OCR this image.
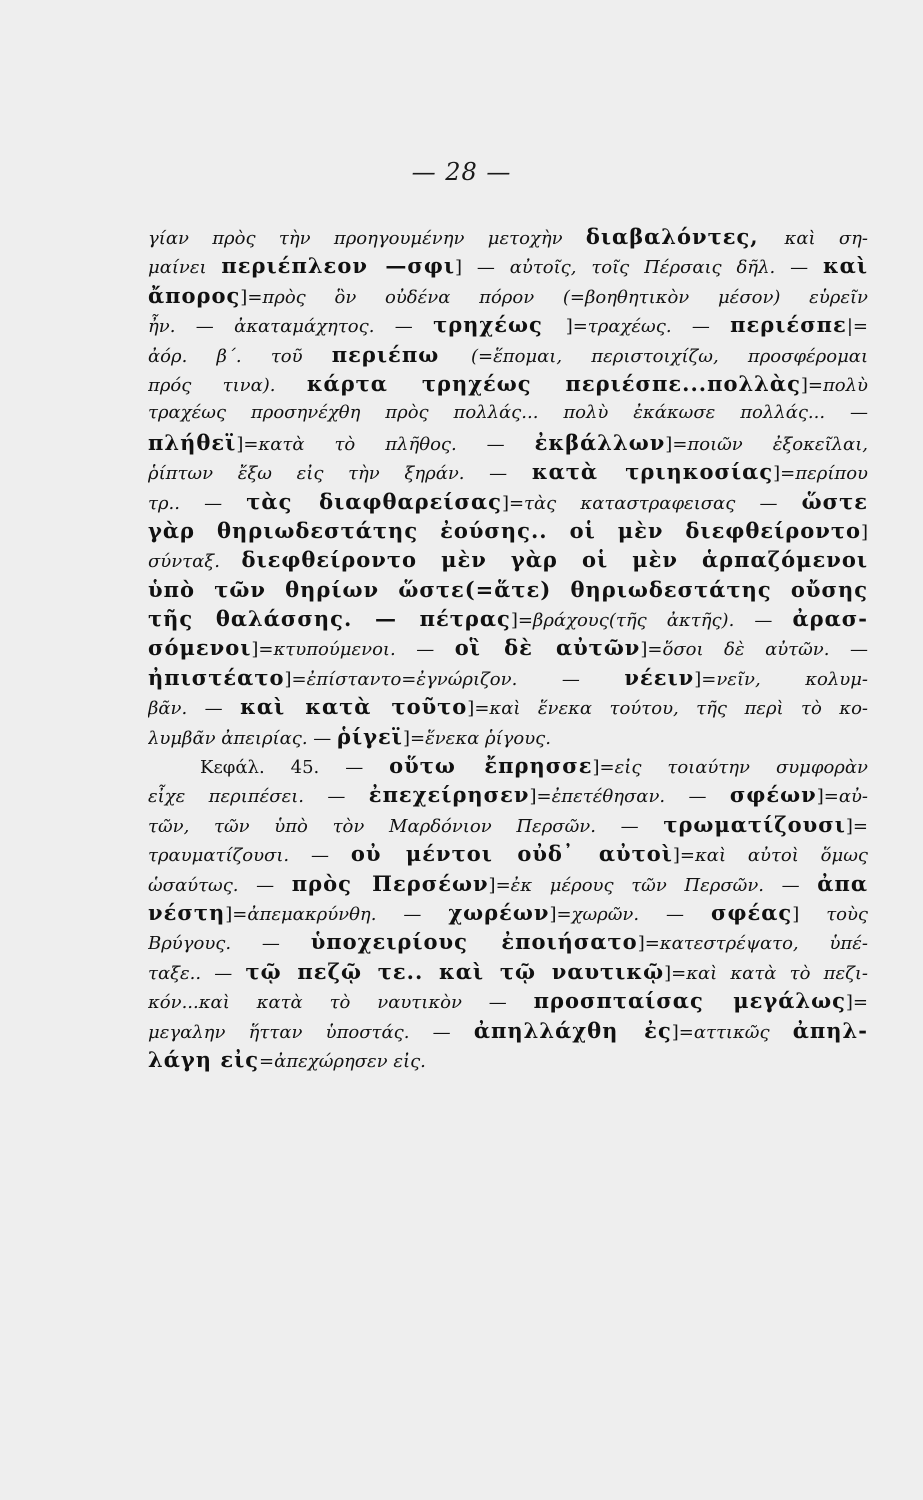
— 28 —
γίαν πρὸς τὴν προηγουμένην μετοχὴν διαβαλόντες, καὶ ση-
μαίνει περιέπλεον —σφι] — αὐτοῖς, τοῖς Πέρσαις δῆλ. — καὶ
ἄπορος]=πρὸς ὃν οὐδένα πόρον (=βοηθητικὸν μέσον) εὑρεῖν
ἦν. — ἀκαταμάχητος. — τρηχέως ]=τραχέως. — περιέσπε|=
ἀόρ. β΄. τοῦ περιέπω (=ἕπομαι, περιστοιχίζω, προσφέρομαι
πρός τινα). κάρτα τρηχέως περιέσπε...πολλὰς]=πολὺ
τραχέως προσηνέχθη πρὸς πολλάς... πολὺ ἐκάκωσε πολλάς... —
πλήθεϊ]=κατὰ τὸ πλῆθος. — ἐκβάλλων]=ποιῶν ἐξοκεῖλαι,
ῥίπτων ἔξω εἰς τὴν ξηράν. — κατὰ τριηκοσίας]=περίπου
τρ.. — τὰς διαφθαρείσας]=τὰς καταστραφεισας — ὥστε
γὰρ θηριωδεστάτης ἐούσης.. οἱ μὲν διεφθείροντο]
σύνταξ. διεφθείροντο μὲν γὰρ οἱ μὲν ἁρπαζόμενοι
ὑπὸ τῶν θηρίων ὥστε(=ἅτε) θηριωδεστάτης οὔσης
τῆς θαλάσσης. — πέτρας]=βράχους(τῆς ἀκτῆς). — ἀρασ-
σόμενοι]=κτυπούμενοι. — οἳ δὲ αὐτῶν]=ὅσοι δὲ αὐτῶν. —
ἠπιστέατο]=ἐπίσταντο=ἐγνώριζον. — νέειν]=νεῖν, κολυμ-
βᾶν. — καὶ κατὰ τοῦτο]=καὶ ἕνεκα τούτου, τῆς περὶ τὸ κο-
λυμβᾶν ἀπειρίας. — ῥίγεϊ]=ἕνεκα ῥίγους.
Κεφάλ. 45. — οὕτω ἔπρησσε]=εἰς τοιαύτην συμφορὰν
εἶχε περιπέσει. — ἐπεχείρησεν]=ἐπετέθησαν. — σφέων]=αὐ-
τῶν, τῶν ὑπὸ τὸν Μαρδόνιον Περσῶν. — τρωματίζουσι]=
τραυματίζουσι. — οὐ μέντοι οὐδ᾽ αὐτοὶ]=καὶ αὐτοὶ ὅμως
ὡσαύτως. — πρὸς Περσέων]=ἐκ μέρους τῶν Περσῶν. — ἀπα
νέστη]=ἀπεμακρύνθη. — χωρέων]=χωρῶν. — σφέας] τοὺς
Βρύγους. — ὑποχειρίους ἐποιήσατο]=κατεστρέψατο, ὑπέ-
ταξε.. — τῷ πεζῷ τε.. καὶ τῷ ναυτικῷ]=καὶ κατὰ τὸ πεζι-
κόν...καὶ κατὰ τὸ ναυτικὸν — προσπταίσας μεγάλως]=
μεγαλην ἥτταν ὑποστάς. — ἀπηλλάχθη ἐς]=αττικῶς ἀπηλ-
λάγη εἰς=ἀπεχώρησεν εἰς.
